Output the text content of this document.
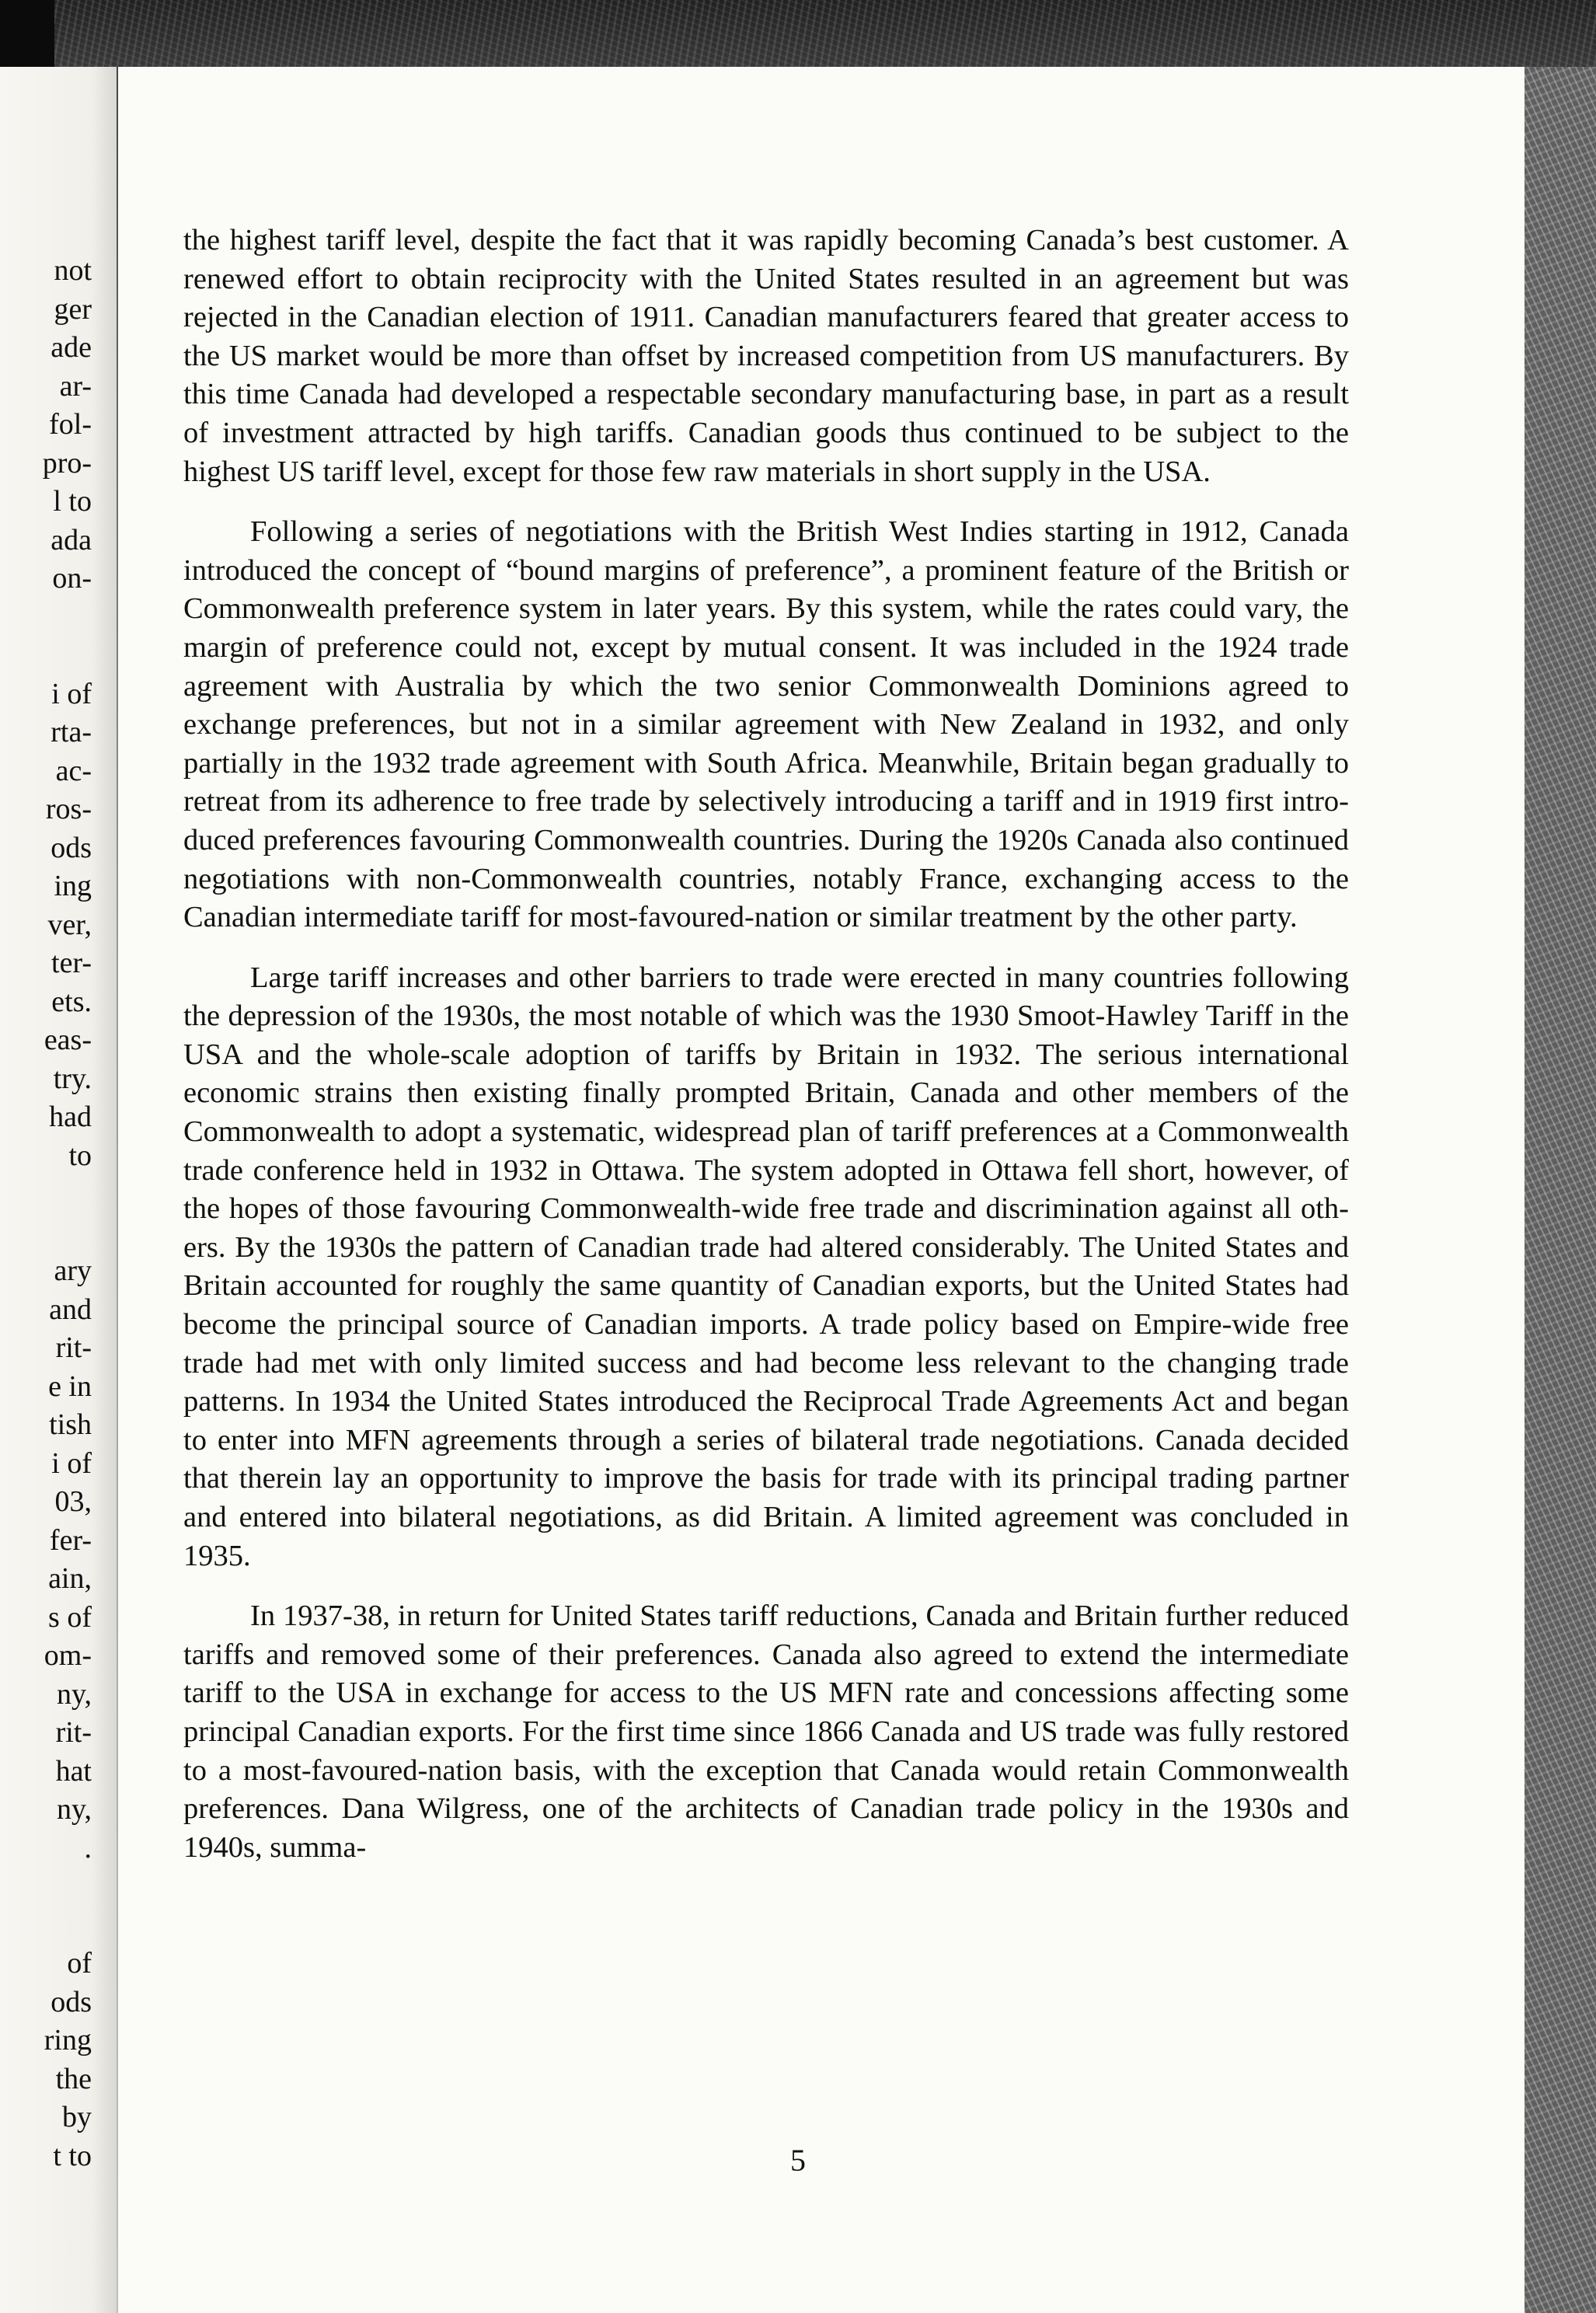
not

ger

ade

ar-

fol-

pro-

l to

ada

on-

i of

rta-

ac-

ros-

ods

ing

ver,

ter-

ets.

eas-

try.

had

to

ary

and

rit-

e in

tish

i of

03,

fer-

ain,

s of

om-

ny,

rit-

hat

ny,

.

of

ods

ring

the

by

t to

the highest tariff level, despite the fact that it was rapidly becoming Canada’s best customer. A renewed effort to obtain reciprocity with the United States resulted in an agreement but was rejected in the Canadian election of 1911. Canadian manufacturers feared that greater access to the US market would be more than offset by increased competition from US manufacturers. By this time Canada had developed a respectable secondary manufacturing base, in part as a result of investment attracted by high tariffs. Canadian goods thus continued to be subject to the highest US tariff level, except for those few raw materials in short supply in the USA.

Following a series of negotiations with the British West Indies starting in 1912, Canada introduced the concept of “bound margins of preference”, a prominent feature of the British or Commonwealth preference system in later years. By this system, while the rates could vary, the margin of preference could not, except by mutual consent. It was included in the 1924 trade agreement with Australia by which the two senior Commonwealth Dominions agreed to exchange preferences, but not in a similar agreement with New Zealand in 1932, and only partially in the 1932 trade agreement with South Africa. Meanwhile, Britain began gradually to retreat from its adherence to free trade by selectively introducing a tariff and in 1919 first introduced preferences favouring Commonwealth countries. During the 1920s Canada also continued negotiations with non-Commonwealth countries, notably France, exchanging access to the Canadian intermediate tariff for most-favoured-nation or similar treatment by the other party.

Large tariff increases and other barriers to trade were erected in many countries following the depression of the 1930s, the most notable of which was the 1930 Smoot-Hawley Tariff in the USA and the whole-scale adoption of tariffs by Britain in 1932. The serious international economic strains then existing finally prompted Britain, Canada and other members of the Commonwealth to adopt a systematic, widespread plan of tariff preferences at a Commonwealth trade conference held in 1932 in Ottawa. The system adopted in Ottawa fell short, however, of the hopes of those favouring Commonwealth-wide free trade and discrimination against all others. By the 1930s the pattern of Canadian trade had altered considerably. The United States and Britain accounted for roughly the same quantity of Canadian exports, but the United States had become the principal source of Canadian imports. A trade policy based on Empire-wide free trade had met with only limited success and had become less relevant to the changing trade patterns. In 1934 the United States introduced the Reciprocal Trade Agreements Act and began to enter into MFN agreements through a series of bilateral trade negotiations. Canada decided that therein lay an opportunity to improve the basis for trade with its principal trading partner and entered into bilateral negotiations, as did Britain. A limited agreement was concluded in 1935.

In 1937-38, in return for United States tariff reductions, Canada and Britain further reduced tariffs and removed some of their preferences. Canada also agreed to extend the intermediate tariff to the USA in exchange for access to the US MFN rate and concessions affecting some principal Canadian exports. For the first time since 1866 Canada and US trade was fully restored to a most-favoured-nation basis, with the exception that Canada would retain Commonwealth preferences. Dana Wilgress, one of the architects of Canadian trade policy in the 1930s and 1940s, summa-

5
